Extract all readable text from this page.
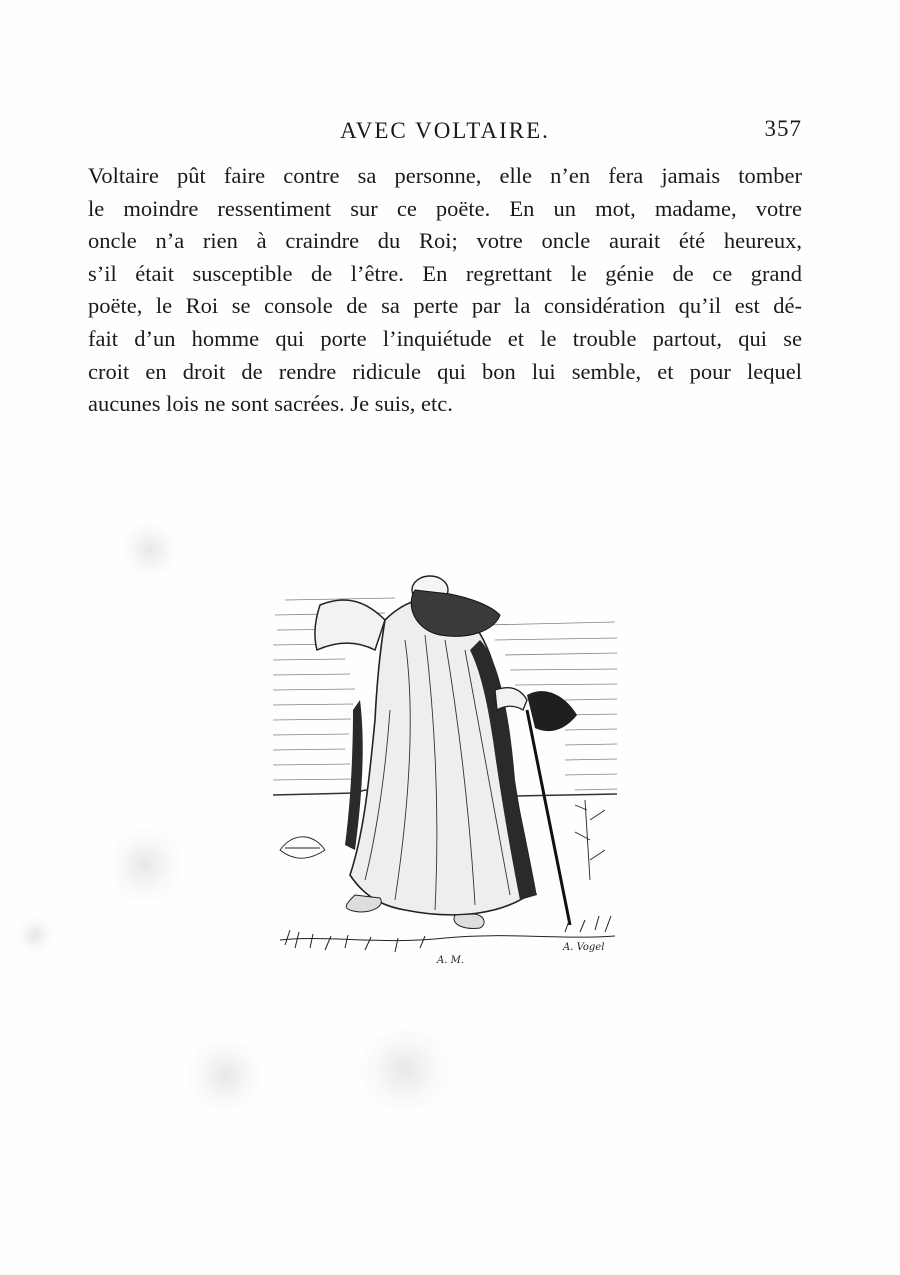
AVEC VOLTAIRE.	357
Voltaire pût faire contre sa personne, elle n’en fera jamais tomber
le moindre ressentiment sur ce poëte. En un mot, madame, votre
oncle n’a rien à craindre du Roi; votre oncle aurait été heureux,
s’il était susceptible de l’être. En regrettant le génie de ce grand
poëte, le Roi se console de sa perte par la considération qu’il est dé-
fait d’un homme qui porte l’inquiétude et le trouble partout, qui se
croit en droit de rendre ridicule qui bon lui semble, et pour lequel
aucunes lois ne sont sacrées. Je suis, etc.
A. M.
A. Vogel
